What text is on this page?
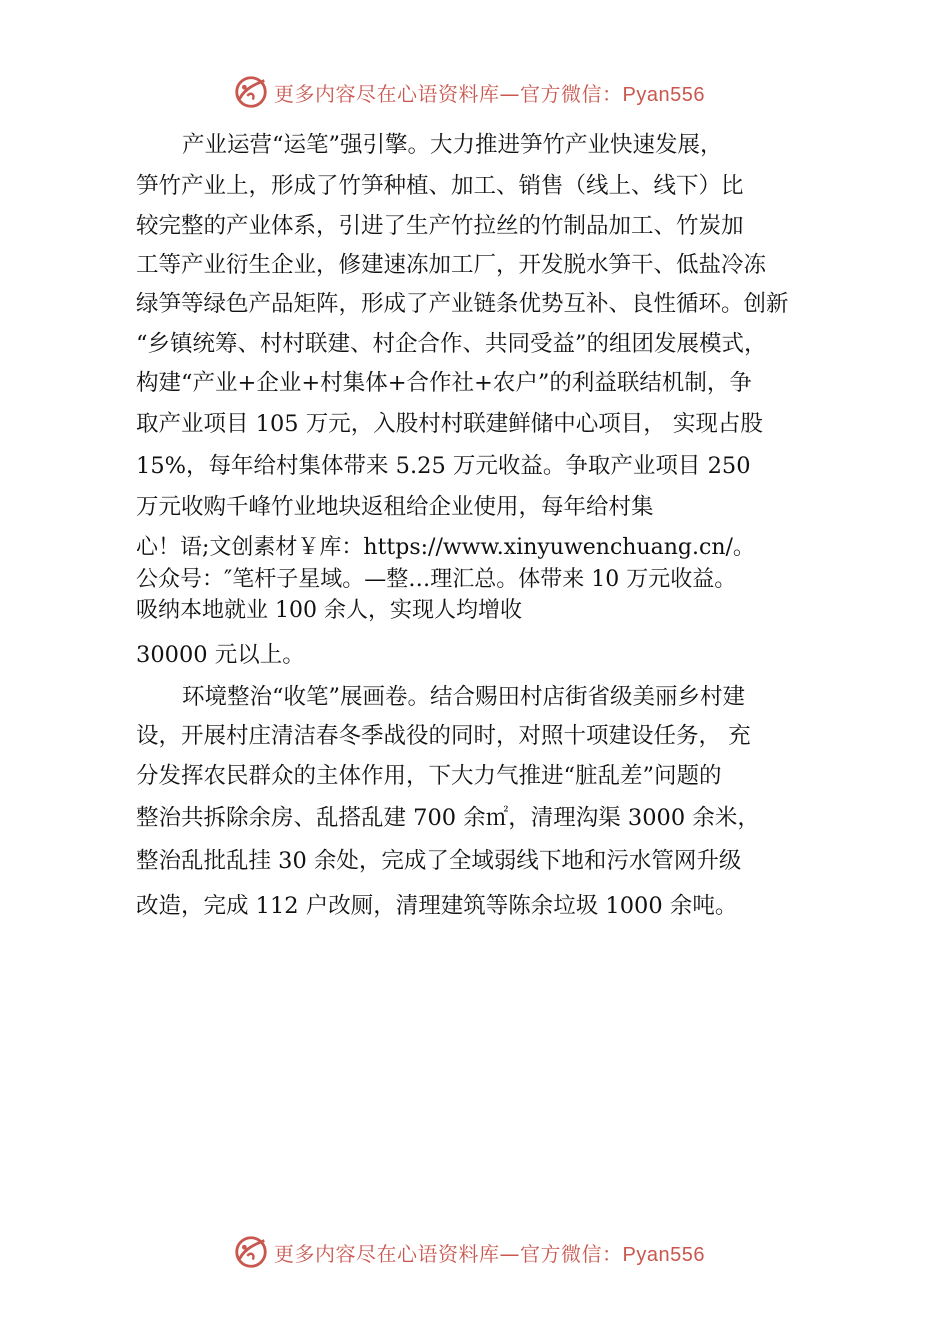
更多内容尽在心语资料库—官方微信：Pyan556
产业运营“运笔”强引擎。大力推进笋竹产业快速发展，
笋竹产业上，形成了竹笋种植、加工、销售（线上、线下）比
较完整的产业体系，引进了生产竹拉丝的竹制品加工、竹炭加
工等产业衍生企业，修建速冻加工厂，开发脱水笋干、低盐冷冻
绿笋等绿色产品矩阵，形成了产业链条优势互补、良性循环。创新
“乡镇统筹、村村联建、村企合作、共同受益”的组团发展模式，
构建“产业+企业+村集体+合作社+农户”的利益联结机制，争
取产业项目 105 万元，入股村村联建鲜储中心项目， 实现占股
15%，每年给村集体带来 5.25 万元收益。争取产业项目 250
万元收购千峰竹业地块返租给企业使用，每年给村集
心！语;文创素材￥库：https://www.xinyuwenchuang.cn/。
公众号：″笔杆子星域。—整…理汇总。体带来 10 万元收益。
吸纳本地就业 100 余人，实现人均增收
30000 元以上。
环境整治“收笔”展画卷。结合赐田村店街省级美丽乡村建
设，开展村庄清洁春冬季战役的同时，对照十项建设任务， 充
分发挥农民群众的主体作用，下大力气推进“脏乱差”问题的
整治共拆除余房、乱搭乱建 700 余㎡，清理沟渠 3000 余米，
整治乱批乱挂 30 余处，完成了全域弱线下地和污水管网升级
改造，完成 112 户改厕，清理建筑等陈余垃圾 1000 余吨。
更多内容尽在心语资料库—官方微信：Pyan556
